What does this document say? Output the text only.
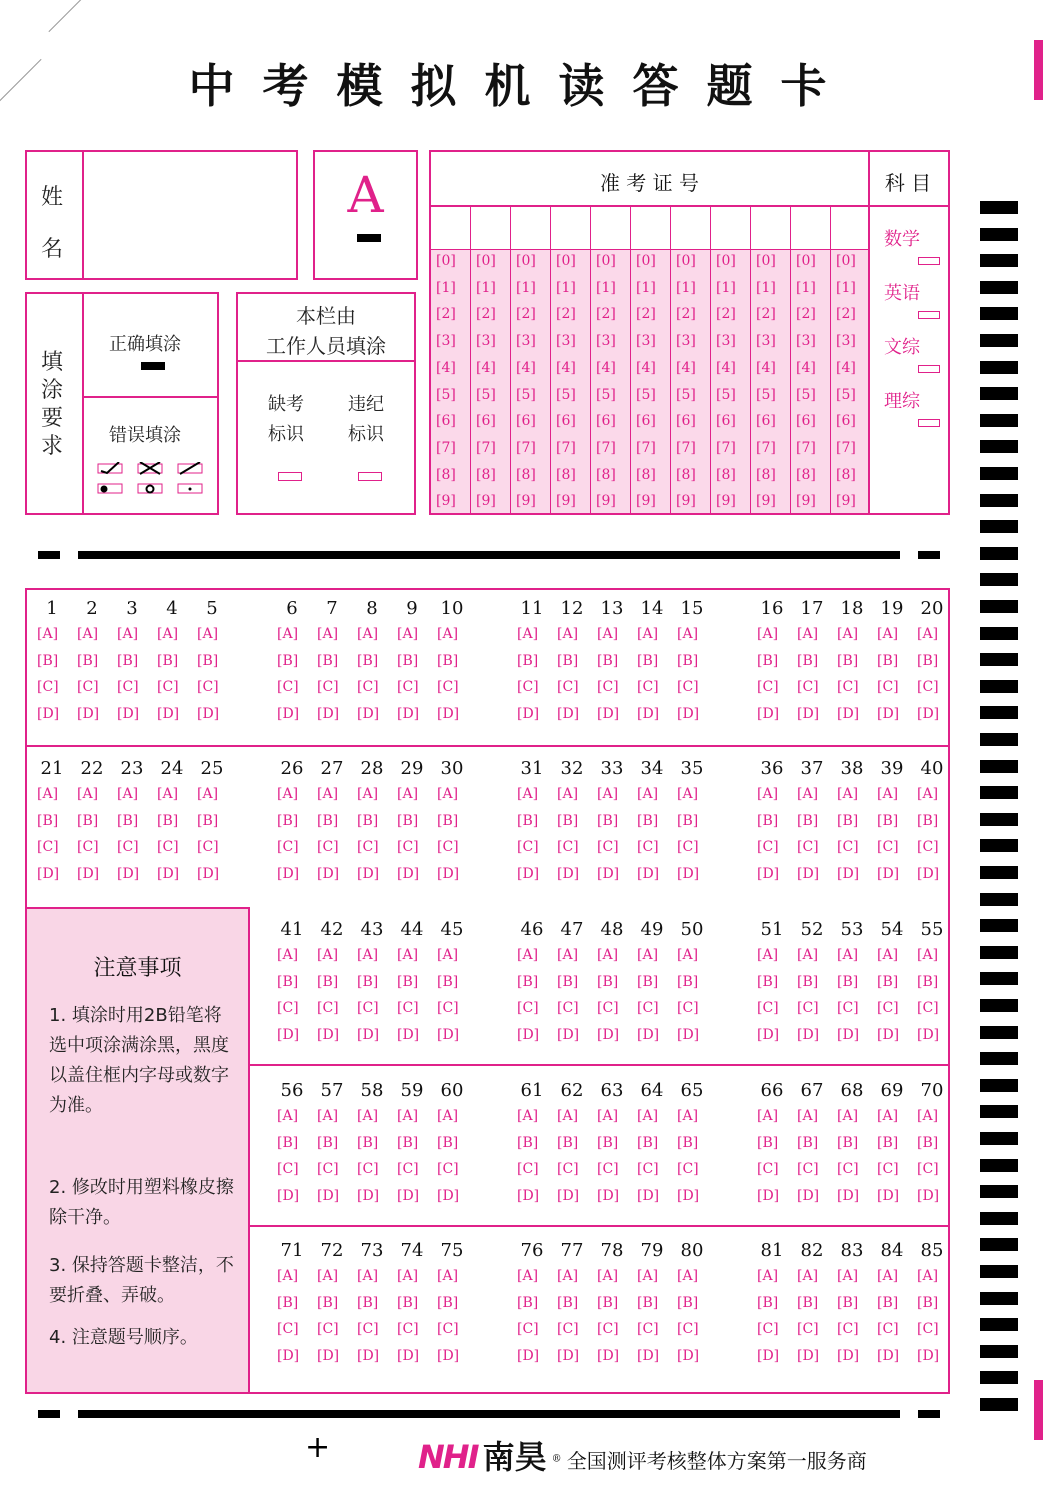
中考模拟机读答题卡
姓
名
A
填涂要求
正确填涂
错误填涂
本栏由
工作人员填涂
缺考
标识
违纪
标识
准 考 证 号	科 目
[0]
[1]
[2]
[3]
[4]
[5]
[6]
[7]
[8]
[9]
[0]
[1]
[2]
[3]
[4]
[5]
[6]
[7]
[8]
[9]
[0]
[1]
[2]
[3]
[4]
[5]
[6]
[7]
[8]
[9]
[0]
[1]
[2]
[3]
[4]
[5]
[6]
[7]
[8]
[9]
[0]
[1]
[2]
[3]
[4]
[5]
[6]
[7]
[8]
[9]
[0]
[1]
[2]
[3]
[4]
[5]
[6]
[7]
[8]
[9]
[0]
[1]
[2]
[3]
[4]
[5]
[6]
[7]
[8]
[9]
[0]
[1]
[2]
[3]
[4]
[5]
[6]
[7]
[8]
[9]
[0]
[1]
[2]
[3]
[4]
[5]
[6]
[7]
[8]
[9]
[0]
[1]
[2]
[3]
[4]
[5]
[6]
[7]
[8]
[9]
[0]
[1]
[2]
[3]
[4]
[5]
[6]
[7]
[8]
[9]
数学
英语
文综
理综
注意事项
1. 填涂时用2B铅笔将选中项涂满涂黑，黑度以盖住框内字母或数字为准。
2. 修改时用塑料橡皮擦除干净。
3. 保持答题卡整洁，不要折叠、弄破。
4. 注意题号顺序。
1
[A]
[B]
[C]
[D]
2
[A]
[B]
[C]
[D]
3
[A]
[B]
[C]
[D]
4
[A]
[B]
[C]
[D]
5
[A]
[B]
[C]
[D]
6
[A]
[B]
[C]
[D]
7
[A]
[B]
[C]
[D]
8
[A]
[B]
[C]
[D]
9
[A]
[B]
[C]
[D]
10
[A]
[B]
[C]
[D]
11
[A]
[B]
[C]
[D]
12
[A]
[B]
[C]
[D]
13
[A]
[B]
[C]
[D]
14
[A]
[B]
[C]
[D]
15
[A]
[B]
[C]
[D]
16
[A]
[B]
[C]
[D]
17
[A]
[B]
[C]
[D]
18
[A]
[B]
[C]
[D]
19
[A]
[B]
[C]
[D]
20
[A]
[B]
[C]
[D]
21
[A]
[B]
[C]
[D]
22
[A]
[B]
[C]
[D]
23
[A]
[B]
[C]
[D]
24
[A]
[B]
[C]
[D]
25
[A]
[B]
[C]
[D]
26
[A]
[B]
[C]
[D]
27
[A]
[B]
[C]
[D]
28
[A]
[B]
[C]
[D]
29
[A]
[B]
[C]
[D]
30
[A]
[B]
[C]
[D]
31
[A]
[B]
[C]
[D]
32
[A]
[B]
[C]
[D]
33
[A]
[B]
[C]
[D]
34
[A]
[B]
[C]
[D]
35
[A]
[B]
[C]
[D]
36
[A]
[B]
[C]
[D]
37
[A]
[B]
[C]
[D]
38
[A]
[B]
[C]
[D]
39
[A]
[B]
[C]
[D]
40
[A]
[B]
[C]
[D]
41
[A]
[B]
[C]
[D]
42
[A]
[B]
[C]
[D]
43
[A]
[B]
[C]
[D]
44
[A]
[B]
[C]
[D]
45
[A]
[B]
[C]
[D]
46
[A]
[B]
[C]
[D]
47
[A]
[B]
[C]
[D]
48
[A]
[B]
[C]
[D]
49
[A]
[B]
[C]
[D]
50
[A]
[B]
[C]
[D]
51
[A]
[B]
[C]
[D]
52
[A]
[B]
[C]
[D]
53
[A]
[B]
[C]
[D]
54
[A]
[B]
[C]
[D]
55
[A]
[B]
[C]
[D]
56
[A]
[B]
[C]
[D]
57
[A]
[B]
[C]
[D]
58
[A]
[B]
[C]
[D]
59
[A]
[B]
[C]
[D]
60
[A]
[B]
[C]
[D]
61
[A]
[B]
[C]
[D]
62
[A]
[B]
[C]
[D]
63
[A]
[B]
[C]
[D]
64
[A]
[B]
[C]
[D]
65
[A]
[B]
[C]
[D]
66
[A]
[B]
[C]
[D]
67
[A]
[B]
[C]
[D]
68
[A]
[B]
[C]
[D]
69
[A]
[B]
[C]
[D]
70
[A]
[B]
[C]
[D]
71
[A]
[B]
[C]
[D]
72
[A]
[B]
[C]
[D]
73
[A]
[B]
[C]
[D]
74
[A]
[B]
[C]
[D]
75
[A]
[B]
[C]
[D]
76
[A]
[B]
[C]
[D]
77
[A]
[B]
[C]
[D]
78
[A]
[B]
[C]
[D]
79
[A]
[B]
[C]
[D]
80
[A]
[B]
[C]
[D]
81
[A]
[B]
[C]
[D]
82
[A]
[B]
[C]
[D]
83
[A]
[B]
[C]
[D]
84
[A]
[B]
[C]
[D]
85
[A]
[B]
[C]
[D]
+	NHI 南昊 ® 全国测评考核整体方案第一服务商
